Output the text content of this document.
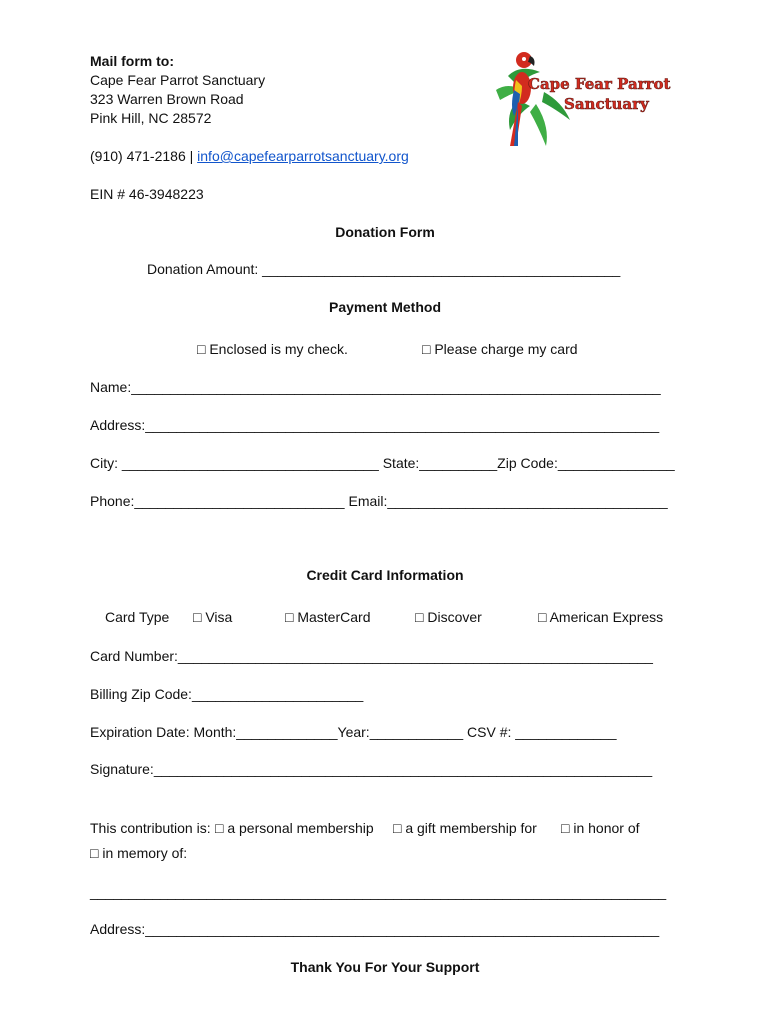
Mail form to:
Cape Fear Parrot Sanctuary
323 Warren Brown Road
Pink Hill, NC 28572
(910) 471-2186 | info@capefearparrotsanctuary.org
EIN # 46-3948223
Cape Fear Parrot
Sanctuary
Donation Form
Donation Amount: ______________________________________________
Payment Method
□ Enclosed is my check.	□ Please charge my card
Name:____________________________________________________________________
Address:__________________________________________________________________
City: _________________________________ State:__________Zip Code:_______________
Phone:___________________________ Email:____________________________________
Credit Card Information
Card Type □ Visa	□ MasterCard	□ Discover	□ American Express
Card Number:_____________________________________________________________
Billing Zip Code:______________________
Expiration Date: Month:_____________Year:____________ CSV #: _____________
Signature:________________________________________________________________
This contribution is: □ a personal membership □ a gift membership for □ in honor of
□ in memory of:
__________________________________________________________________________
Address:__________________________________________________________________
Thank You For Your Support
